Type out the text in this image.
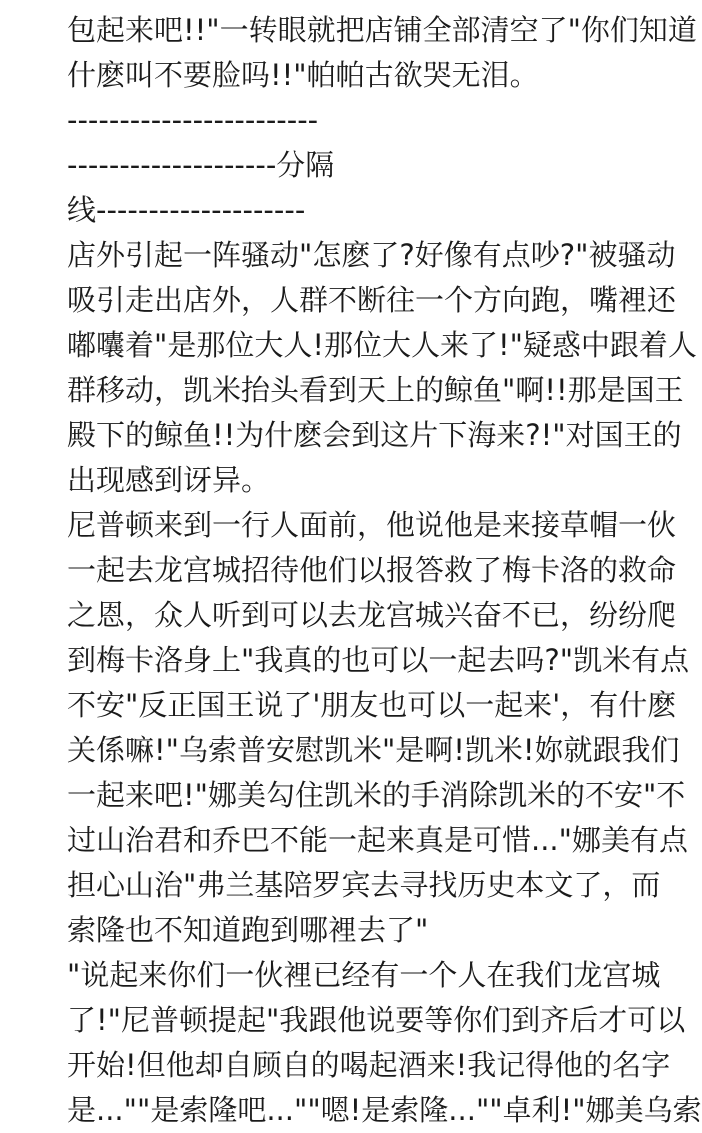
包起来吧!!"一转眼就把店铺全部清空了"你们知道
什麽叫不要脸吗!!"帕帕古欲哭无泪。
------------------------
--------------------分隔
线--------------------
店外引起一阵骚动"怎麽了?好像有点吵?"被骚动
吸引走出店外，人群不断往一个方向跑，嘴裡还
嘟囔着"是那位大人!那位大人来了!"疑惑中跟着人
群移动，凯米抬头看到天上的鲸鱼"啊!!那是国王
殿下的鲸鱼!!为什麽会到这片下海来?!"对国王的
出现感到讶异。
尼普顿来到一行人面前，他说他是来接草帽一伙
一起去龙宫城招待他们以报答救了梅卡洛的救命
之恩，众人听到可以去龙宫城兴奋不已，纷纷爬
到梅卡洛身上"我真的也可以一起去吗?"凯米有点
不安"反正国王说了'朋友也可以一起来'，有什麽
关係嘛!"乌索普安慰凯米"是啊!凯米!妳就跟我们
一起来吧!"娜美勾住凯米的手消除凯米的不安"不
过山治君和乔巴不能一起来真是可惜..."娜美有点
担心山治"弗兰基陪罗宾去寻找历史本文了，而
索隆也不知道跑到哪裡去了"
"说起来你们一伙裡已经有一个人在我们龙宫城
了!"尼普顿提起"我跟他说要等你们到齐后才可以
开始!但他却自顾自的喝起酒来!我记得他的名字
是...""是索隆吧...""嗯!是索隆...""卓利!"娜美乌索
